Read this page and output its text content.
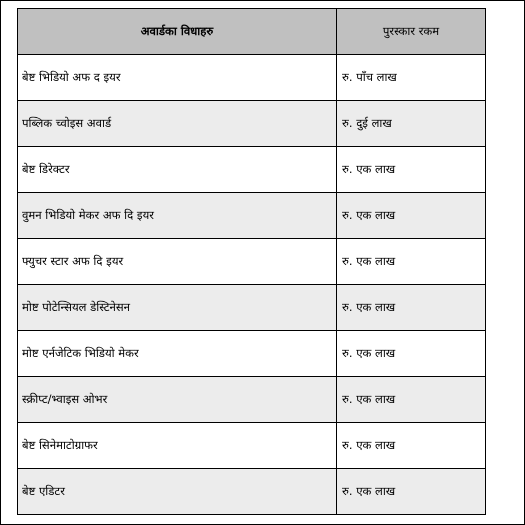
अवार्डका विधाहरु	पुरस्कार रकम
बेष्ट भिडियो अफ द इयर	रु. पाँच लाख
पब्लिक च्वोइस अवार्ड	रु. दुई लाख
बेष्ट डिरेक्टर	रु. एक लाख
वुमन भिडियो मेकर अफ दि इयर	रु. एक लाख
फ्युचर स्टार अफ दि इयर	रु. एक लाख
मोष्ट पोटेन्सियल डेस्टिनेसन	रु. एक लाख
मोष्ट एर्नजेटिक भिडियो मेकर	रु. एक लाख
स्क्रीप्ट/भ्वाइस ओभर	रु. एक लाख
बेष्ट सिनेमाटोग्राफर	रु. एक लाख
बेष्ट एडिटर	रु. एक लाख
